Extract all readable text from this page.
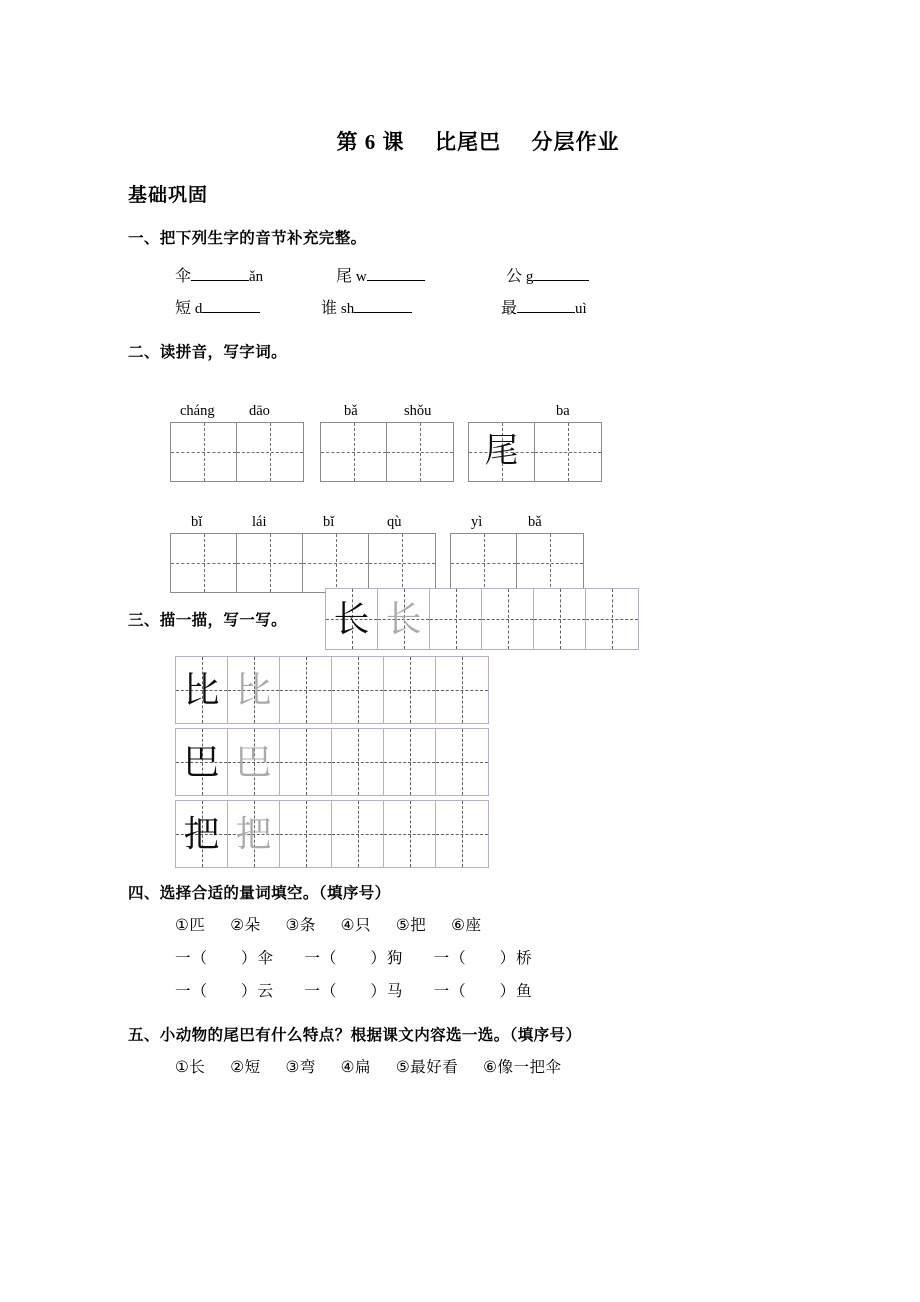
第 6 课 比尾巴 分层作业
基础巩固
一、把下列生字的音节补充完整。
伞	ǎn	尾 w	公 g
短 d	谁 sh	最	uì
二、读拼音，写字词。
cháng dāo	bǎ	shǒu	ba
尾
bǐ	lái	bǐ	qù	yì	bǎ
三、描一描，写一写。 长 长
比 比
巴 巴
把 把
四、选择合适的量词填空。（填序号）
①匹 ②朵 ③条 ④只 ⑤把 ⑥座
一（　　）伞 一（　　）狗 一（　　）桥
一（　　）云 一（　　）马 一（　　）鱼
五、小动物的尾巴有什么特点？根据课文内容选一选。（填序号）
①长 ②短 ③弯 ④扁 ⑤最好看 ⑥像一把伞
